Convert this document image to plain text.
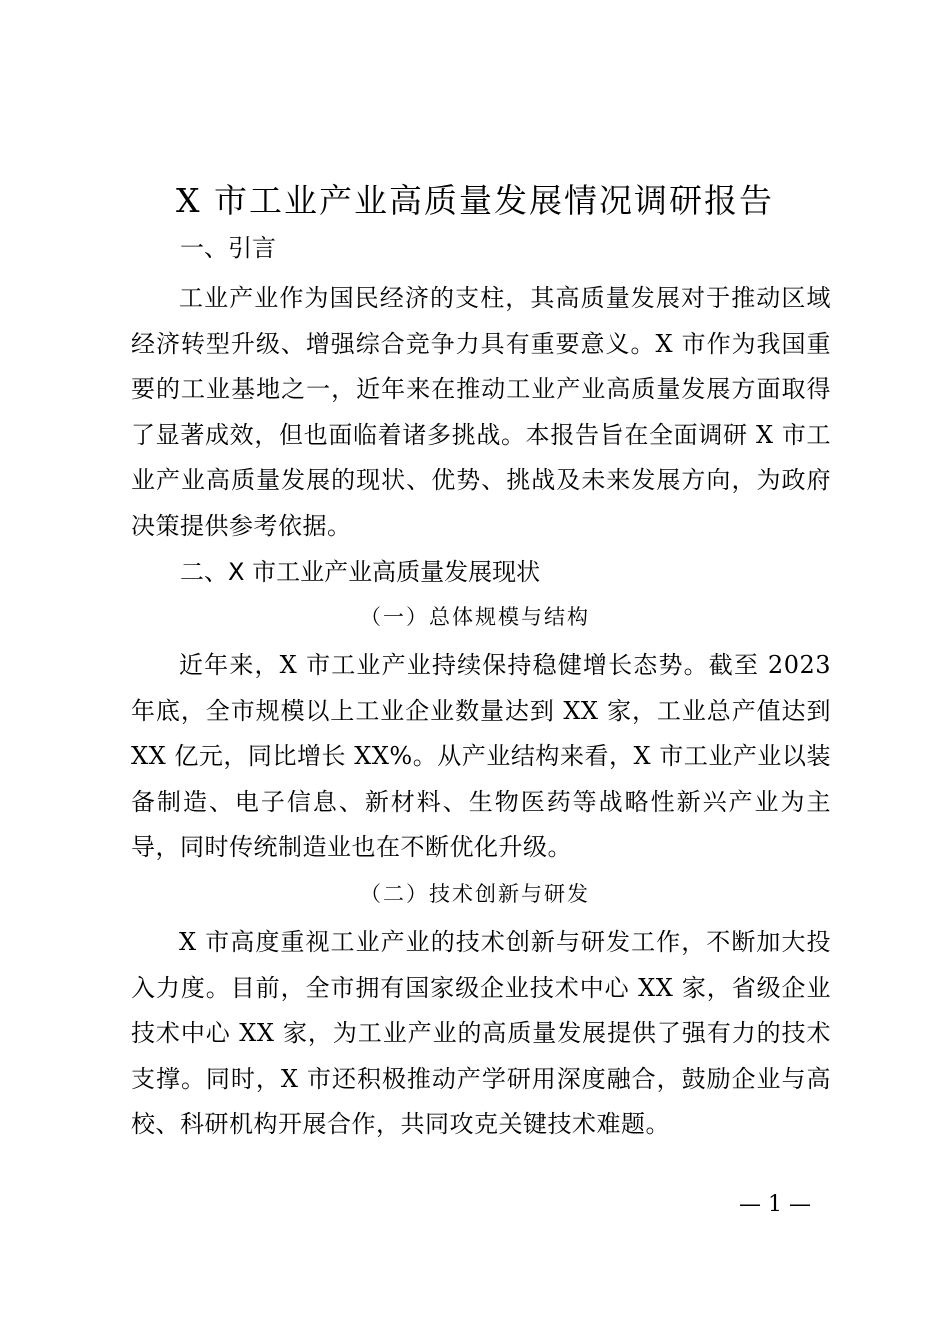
X 市工业产业高质量发展情况调研报告
一、引言

工业产业作为国民经济的支柱，其高质量发展对于推动区域经济转型升级、增强综合竞争力具有重要意义。X 市作为我国重要的工业基地之一，近年来在推动工业产业高质量发展方面取得了显著成效，但也面临着诸多挑战。本报告旨在全面调研 X 市工业产业高质量发展的现状、优势、挑战及未来发展方向，为政府决策提供参考依据。

二、X 市工业产业高质量发展现状
（一）总体规模与结构

近年来，X 市工业产业持续保持稳健增长态势。截至 2023 年底，全市规模以上工业企业数量达到 XX 家，工业总产值达到 XX 亿元，同比增长 XX%。从产业结构来看，X 市工业产业以装备制造、电子信息、新材料、生物医药等战略性新兴产业为主导，同时传统制造业也在不断优化升级。

（二）技术创新与研发

X 市高度重视工业产业的技术创新与研发工作，不断加大投入力度。目前，全市拥有国家级企业技术中心 XX 家，省级企业技术中心 XX 家，为工业产业的高质量发展提供了强有力的技术支撑。同时，X 市还积极推动产学研用深度融合，鼓励企业与高校、科研机构开展合作，共同攻克关键技术难题。

— 1 —
